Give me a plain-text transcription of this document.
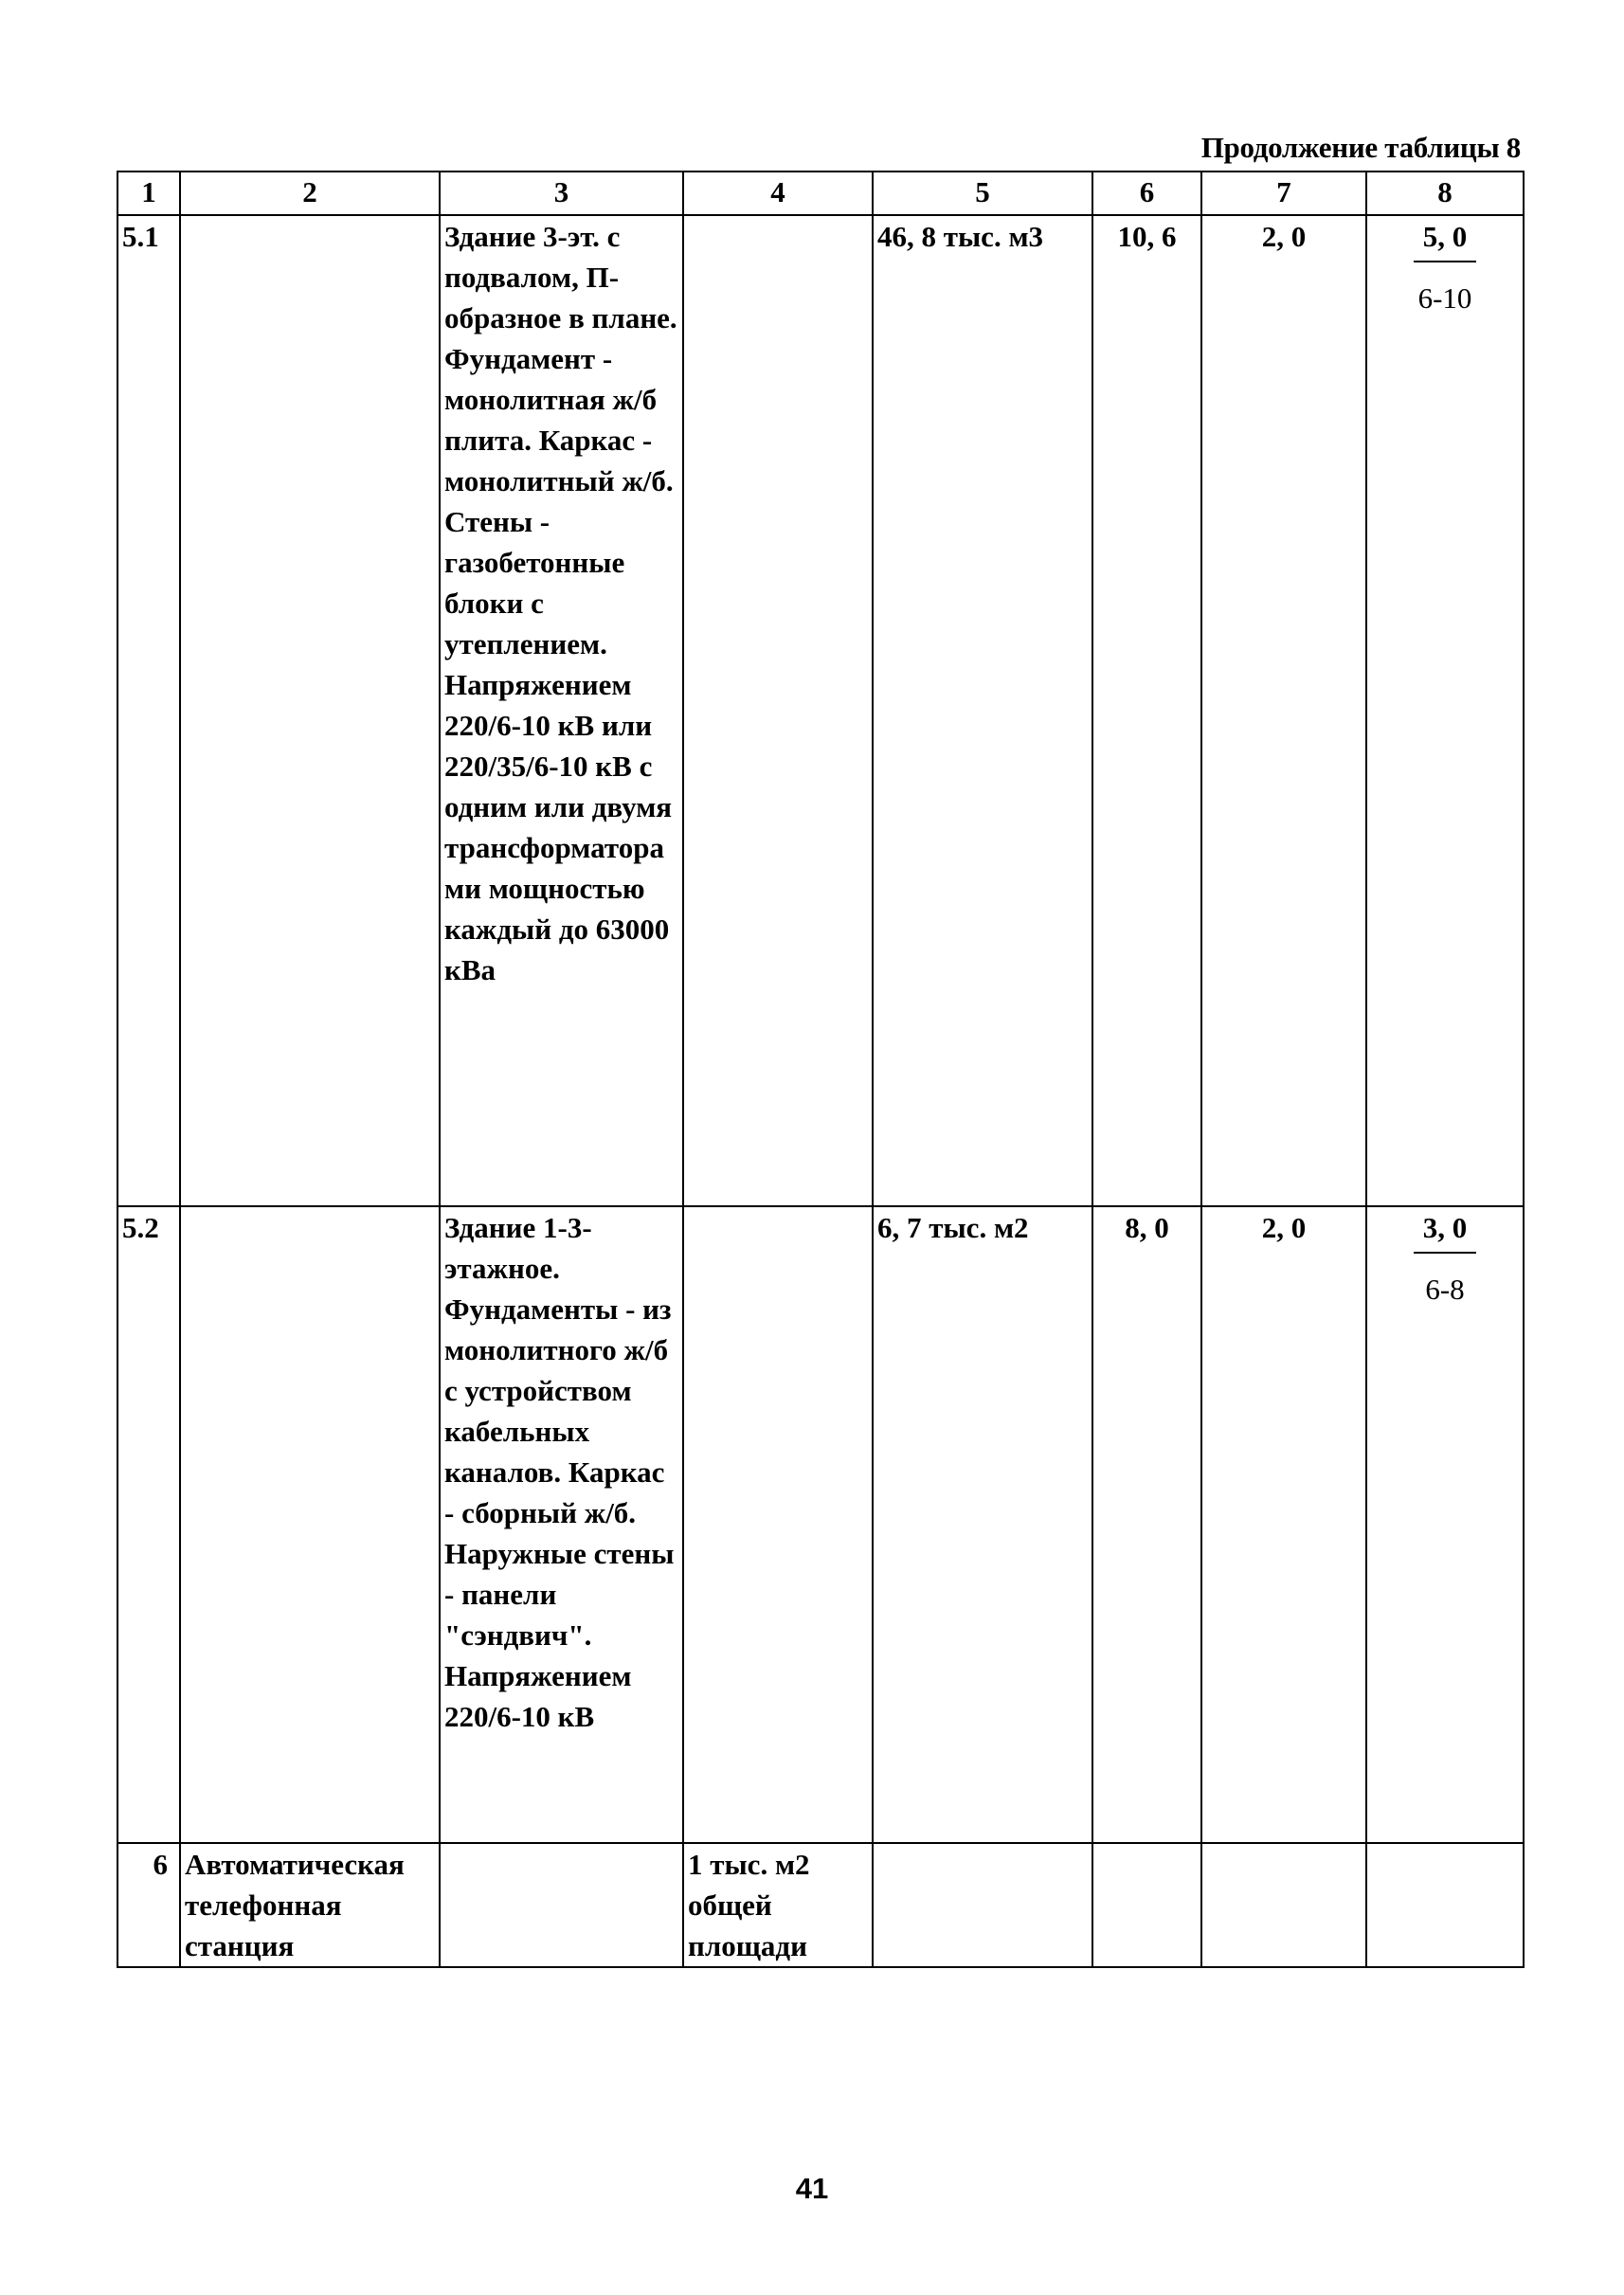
Продолжение таблицы 8
1	2	3	4	5	6	7	8
5.1		Здание 3-эт. с подвалом, П-образное в плане. Фундамент - монолитная ж/б плита. Каркас - монолитный ж/б. Стены - газобетонные блоки с утеплением. Напряжением 220/6-10 кВ или 220/35/6-10 кВ с одним или двумя трансформаторами мощностью каждый до 63000 кВа		46, 8 тыс. м3	10, 6	2, 0	5, 0
6-10

5.2		Здание 1-3-этажное. Фундаменты - из монолитного ж/б с устройством кабельных каналов. Каркас - сборный ж/б. Наружные стены - панели "сэндвич". Напряжением 220/6-10 кВ		6, 7 тыс. м2	8, 0	2, 0	3, 0
6-8

6	Автоматическая телефонная станция		1 тыс. м2 общей площади				
41
